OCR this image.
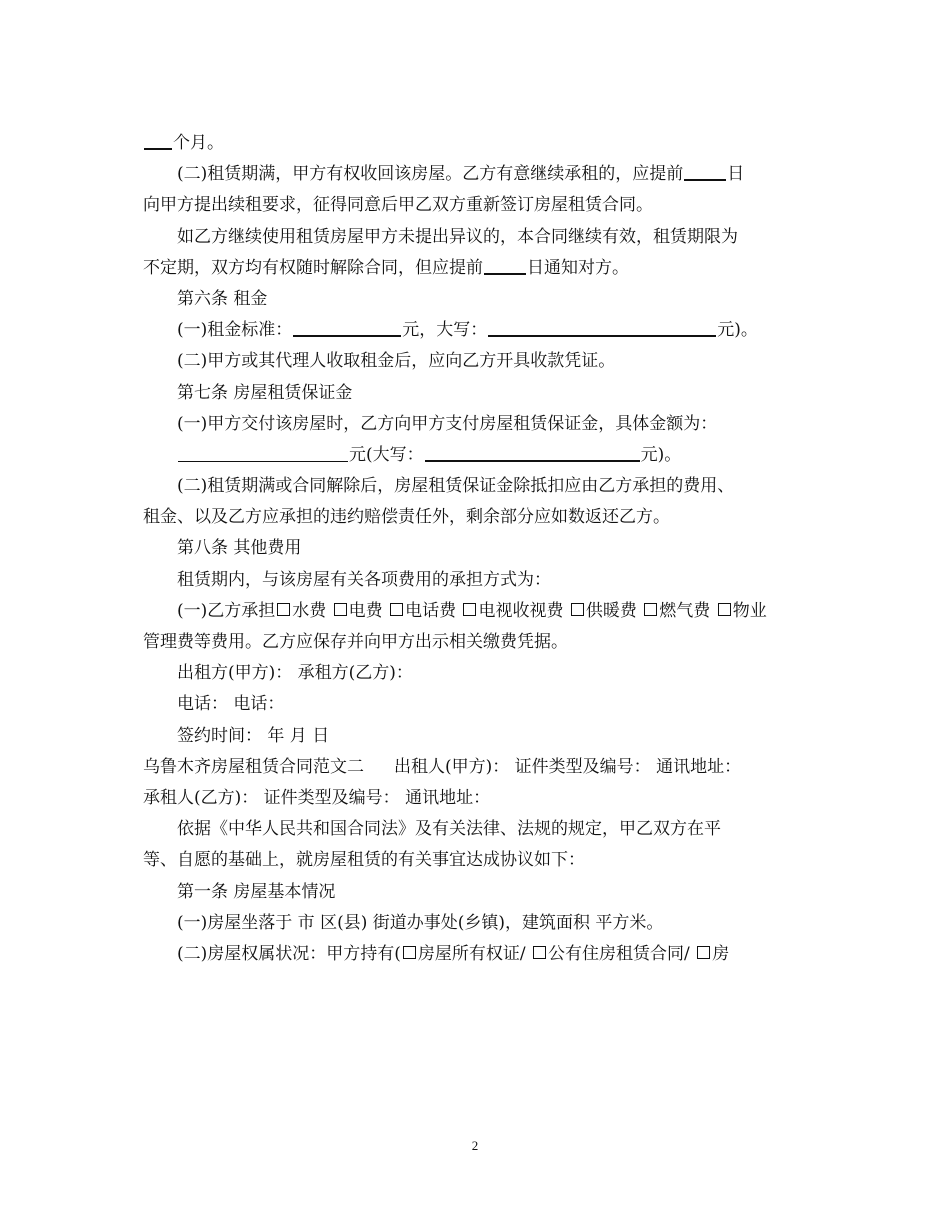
个月。
(二)租赁期满，甲方有权收回该房屋。乙方有意继续承租的，应提前	日
向甲方提出续租要求，征得同意后甲乙双方重新签订房屋租赁合同。
如乙方继续使用租赁房屋甲方未提出异议的，本合同继续有效，租赁期限为
不定期，双方均有权随时解除合同，但应提前	日通知对方。
第六条 租金
(一)租金标准：	元，大写：	元)。
(二)甲方或其代理人收取租金后，应向乙方开具收款凭证。
第七条 房屋租赁保证金
(一)甲方交付该房屋时，乙方向甲方支付房屋租赁保证金，具体金额为：
元(大写：	元)。
(二)租赁期满或合同解除后，房屋租赁保证金除抵扣应由乙方承担的费用、
租金、以及乙方应承担的违约赔偿责任外，剩余部分应如数返还乙方。
第八条 其他费用
租赁期内，与该房屋有关各项费用的承担方式为：
(一)乙方承担 水费 电费 电话费 电视收视费 供暖费 燃气费 物业
管理费等费用。乙方应保存并向甲方出示相关缴费凭据。
出租方(甲方)： 承租方(乙方)：
电话： 电话：
签约时间： 年 月 日
乌鲁木齐房屋租赁合同范文二 出租人(甲方)： 证件类型及编号： 通讯地址：
承租人(乙方)： 证件类型及编号： 通讯地址：
依据《中华人民共和国合同法》及有关法律、法规的规定，甲乙双方在平
等、自愿的基础上，就房屋租赁的有关事宜达成协议如下：
第一条 房屋基本情况
(一)房屋坐落于 市 区(县) 街道办事处(乡镇)，建筑面积 平方米。
(二)房屋权属状况：甲方持有( 房屋所有权证/ 公有住房租赁合同/ 房
2
